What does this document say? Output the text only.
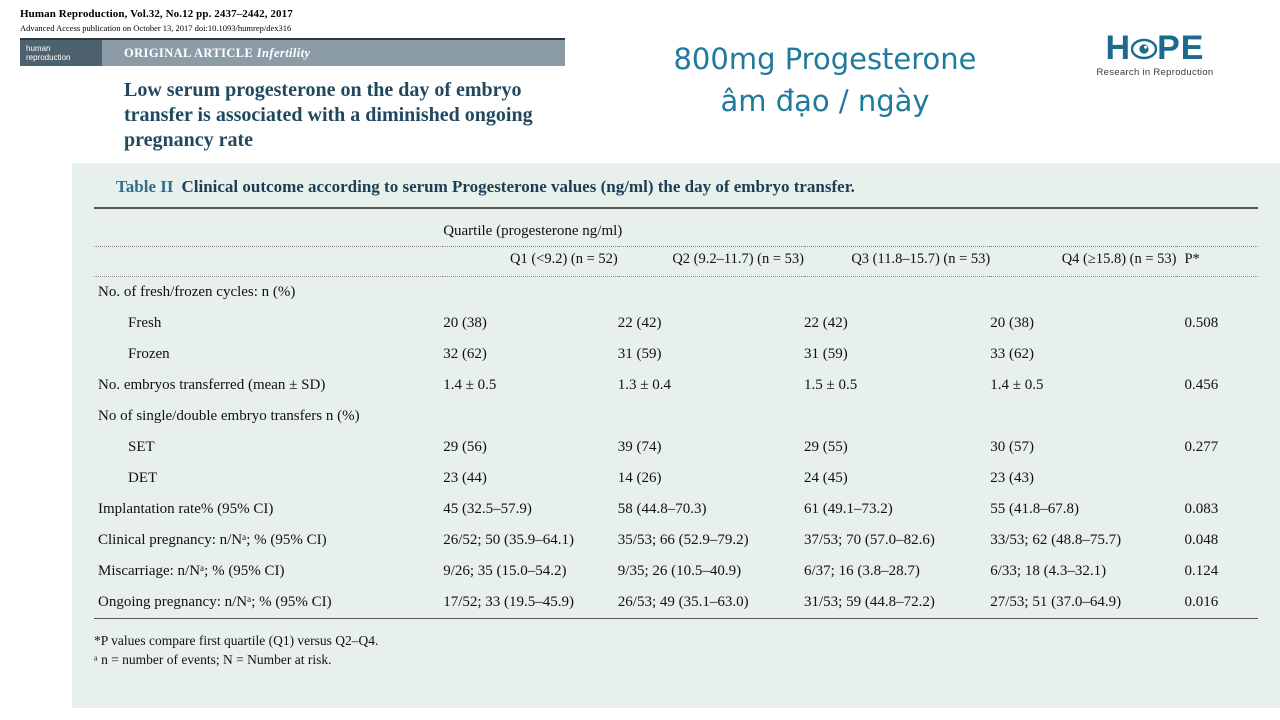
Human Reproduction, Vol.32, No.12 pp. 2437–2442, 2017
Advanced Access publication on October 13, 2017 doi:10.1093/humrep/dex316
human
reproduction	ORIGINAL ARTICLE Infertility
Low serum progesterone on the day of embryo transfer is associated with a diminished ongoing pregnancy rate
800mg Progesterone
âm đạo / ngày
H PE
Research in Reproduction
Table II Clinical outcome according to serum Progesterone values (ng/ml) the day of embryo transfer.

	Quartile (progesterone ng/ml)				

	Q1 (<9.2) (n = 52)	Q2 (9.2–11.7) (n = 53)	Q3 (11.8–15.7) (n = 53)	Q4 (≥15.8) (n = 53)	P*

No. of fresh/frozen cycles: n (%)					
Fresh	20 (38)	22 (42)	22 (42)	20 (38)	0.508
Frozen	32 (62)	31 (59)	31 (59)	33 (62)	
No. embryos transferred (mean ± SD)	1.4 ± 0.5	1.3 ± 0.4	1.5 ± 0.5	1.4 ± 0.5	0.456
No of single/double embryo transfers n (%)					
SET	29 (56)	39 (74)	29 (55)	30 (57)	0.277
DET	23 (44)	14 (26)	24 (45)	23 (43)	
Implantation rate% (95% CI)	45 (32.5–57.9)	58 (44.8–70.3)	61 (49.1–73.2)	55 (41.8–67.8)	0.083
Clinical pregnancy: n/Nᵃ; % (95% CI)	26/52; 50 (35.9–64.1)	35/53; 66 (52.9–79.2)	37/53; 70 (57.0–82.6)	33/53; 62 (48.8–75.7)	0.048
Miscarriage: n/Nᵃ; % (95% CI)	9/26; 35 (15.0–54.2)	9/35; 26 (10.5–40.9)	6/37; 16 (3.8–28.7)	6/33; 18 (4.3–32.1)	0.124
Ongoing pregnancy: n/Nᵃ; % (95% CI)	17/52; 33 (19.5–45.9)	26/53; 49 (35.1–63.0)	31/53; 59 (44.8–72.2)	27/53; 51 (37.0–64.9)	0.016

*P values compare first quartile (Q1) versus Q2–Q4.
ᵃ n = number of events; N = Number at risk.
